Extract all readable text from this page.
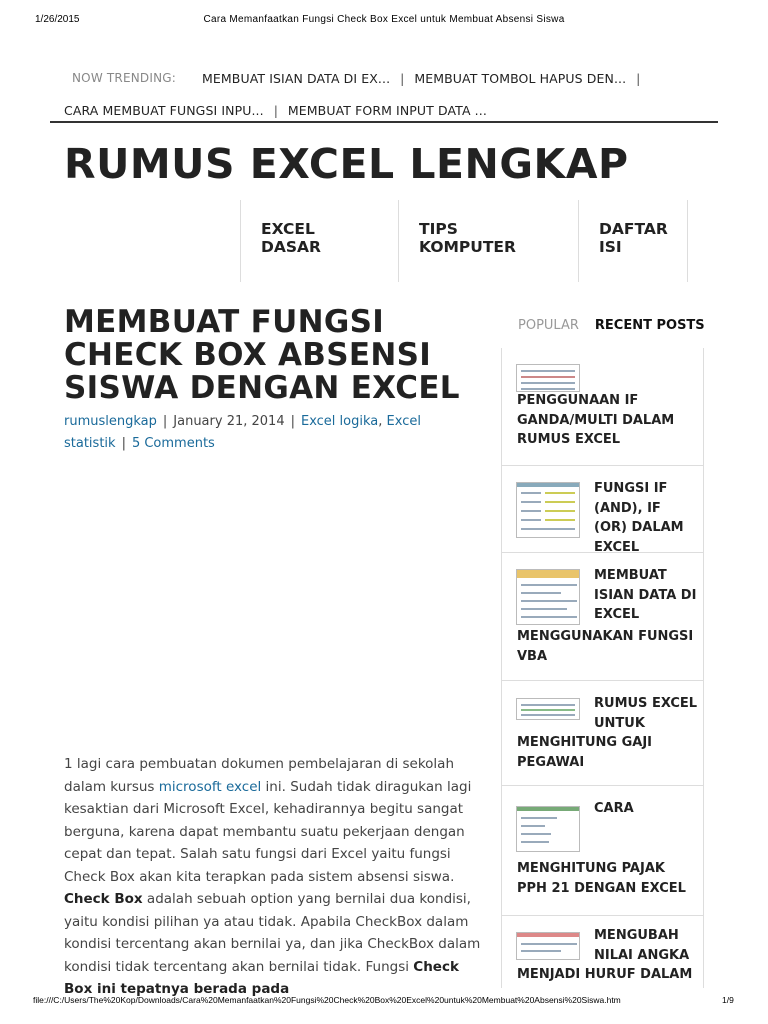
1/26/2015	Cara Memanfaatkan Fungsi Check Box Excel untuk Membuat Absensi Siswa
NOW TRENDING: MEMBUAT ISIAN DATA DI EX... | MEMBUAT TOMBOL HAPUS DEN... |
CARA MEMBUAT FUNGSI INPU... | MEMBUAT FORM INPUT DATA ...
RUMUS EXCEL LENGKAP
EXCEL DASAR
TIPS KOMPUTER
DAFTAR ISI
MEMBUAT FUNGSI CHECK BOX ABSENSI SISWA DENGAN EXCEL
rumuslengkap | January 21, 2014 | Excel logika, Excel statistik | 5 Comments
1 lagi cara pembuatan dokumen pembelajaran di sekolah dalam kursus microsoft excel ini. Sudah tidak diragukan lagi kesaktian dari Microsoft Excel, kehadirannya begitu sangat berguna, karena dapat membantu suatu pekerjaan dengan cepat dan tepat. Salah satu fungsi dari Excel yaitu fungsi Check Box akan kita terapkan pada sistem absensi siswa. Check Box adalah sebuah option yang bernilai dua kondisi, yaitu kondisi pilihan ya atau tidak. Apabila CheckBox dalam kondisi tercentang akan bernilai ya, dan jika CheckBox dalam kondisi tidak tercentang akan bernilai tidak. Fungsi Check Box ini tepatnya berada pada
POPULAR RECENT POSTS
PENGGUNAAN IF GANDA/MULTI DALAM RUMUS EXCEL
FUNGSI IF (AND), IF (OR) DALAM EXCEL
MEMBUAT ISIAN DATA DI EXCEL
MENGGUNAKAN FUNGSI VBA
RUMUS EXCEL UNTUK
MENGHITUNG GAJI PEGAWAI
CARA
MENGHITUNG PAJAK PPH 21 DENGAN EXCEL
MENGUBAH NILAI ANGKA
MENJADI HURUF DALAM
file:///C:/Users/The%20Kop/Downloads/Cara%20Memanfaatkan%20Fungsi%20Check%20Box%20Excel%20untuk%20Membuat%20Absensi%20Siswa.htm	1/9
